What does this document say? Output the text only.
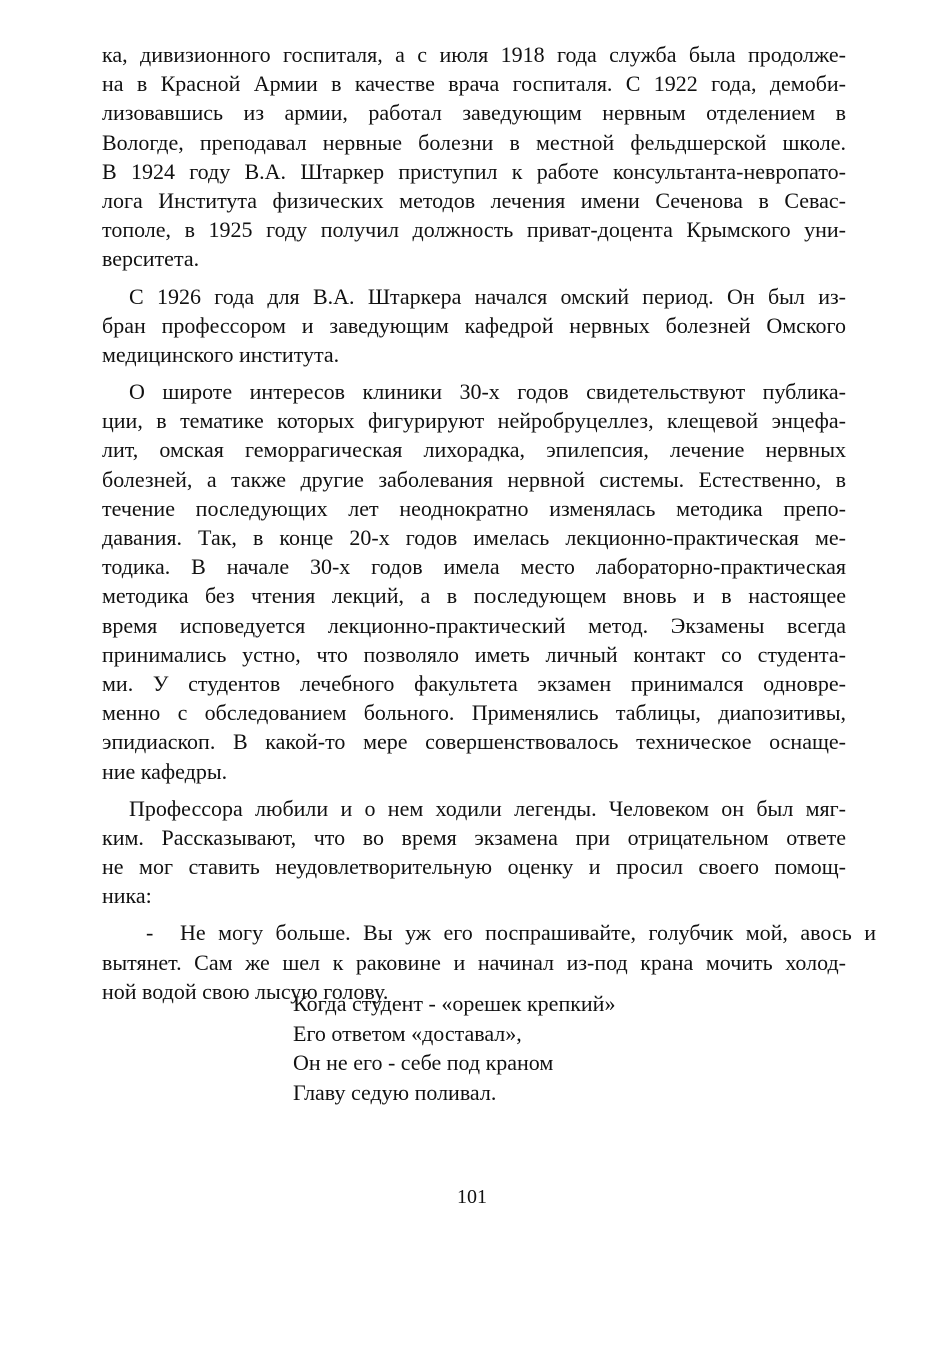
ка, дивизионного госпиталя, а с июля 1918 года служба была продолже-
на в Красной Армии в качестве врача госпиталя. С 1922 года, демоби-
лизовавшись из армии, работал заведующим нервным отделением в
Вологде, преподавал нервные болезни в местной фельдшерской школе.
В 1924 году В.А. Штаркер приступил к работе консультанта-невропато-
лога Института физических методов лечения имени Сеченова в Севас-
тополе, в 1925 году получил должность приват-доцента Крымского уни-
верситета.

С 1926 года для В.А. Штаркера начался омский период. Он был из-
бран профессором и заведующим кафедрой нервных болезней Омского
медицинского института.

О широте интересов клиники 30-х годов свидетельствуют публика-
ции, в тематике которых фигурируют нейробруцеллез, клещевой энцефа-
лит, омская геморрагическая лихорадка, эпилепсия, лечение нервных
болезней, а также другие заболевания нервной системы. Естественно, в
течение последующих лет неоднократно изменялась методика препо-
давания. Так, в конце 20-х годов имелась лекционно-практическая ме-
тодика. В начале 30-х годов имела место лабораторно-практическая
методика без чтения лекций, а в последующем вновь и в настоящее
время исповедуется лекционно-практический метод. Экзамены всегда
принимались устно, что позволяло иметь личный контакт со студента-
ми. У студентов лечебного факультета экзамен принимался одновре-
менно с обследованием больного. Применялись таблицы, диапозитивы,
эпидиаскоп. В какой-то мере совершенствовалось техническое оснаще-
ние кафедры.

Профессора любили и о нем ходили легенды. Человеком он был мяг-
ким. Рассказывают, что во время экзамена при отрицательном ответе
не мог ставить неудовлетворительную оценку и просил своего помощ-
ника:

-	Не могу больше. Вы уж его поспрашивайте, голубчик мой, авось и
вытянет. Сам же шел к раковине и начинал из-под крана мочить холод-
ной водой свою лысую голову.

Когда студент - «орешек крепкий»
Его ответом «доставал»,
Он не его - себе под краном
Главу седую поливал.
101
